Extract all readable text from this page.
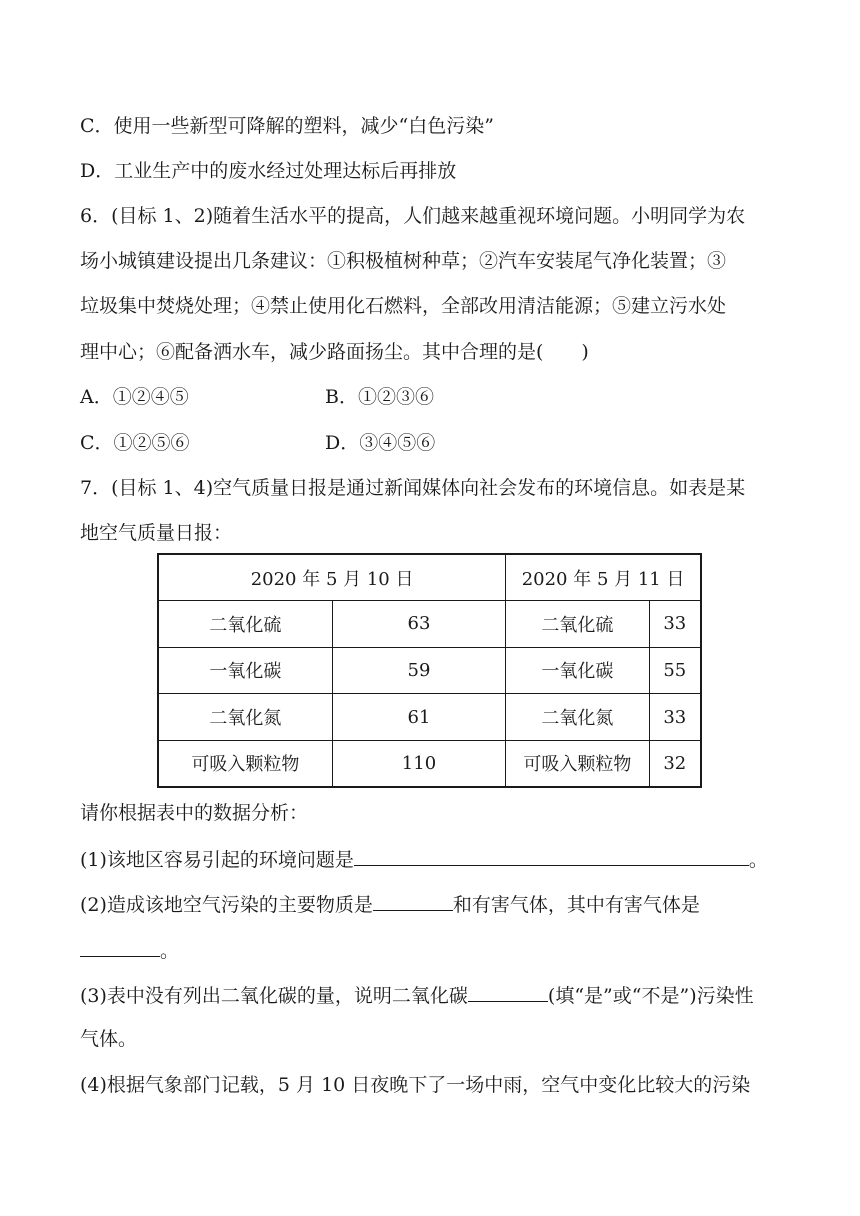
C．使用一些新型可降解的塑料，减少“白色污染”
D．工业生产中的废水经过处理达标后再排放
6．(目标 1、2)随着生活水平的提高，人们越来越重视环境问题。小明同学为农
场小城镇建设提出几条建议：①积极植树种草；②汽车安装尾气净化装置；③
垃圾集中焚烧处理；④禁止使用化石燃料，全部改用清洁能源；⑤建立污水处
理中心；⑥配备洒水车，减少路面扬尘。其中合理的是(　　)
A．①②④⑤	B．①②③⑥
C．①②⑤⑥	D．③④⑤⑥
7．(目标 1、4)空气质量日报是通过新闻媒体向社会发布的环境信息。如表是某
地空气质量日报：
2020 年 5 月 10 日		2020 年 5 月 11 日	
二氧化硫	63	二氧化硫	33
一氧化碳	59	一氧化碳	55
二氧化氮	61	二氧化氮	33
可吸入颗粒物	110	可吸入颗粒物	32
请你根据表中的数据分析：
(1)该地区容易引起的环境问题是	。
(2)造成该地空气污染的主要物质是	和有害气体，其中有害气体是
。
(3)表中没有列出二氧化碳的量，说明二氧化碳	(填“是”或“不是”)污染性
气体。
(4)根据气象部门记载，5 月 10 日夜晚下了一场中雨，空气中变化比较大的污染
